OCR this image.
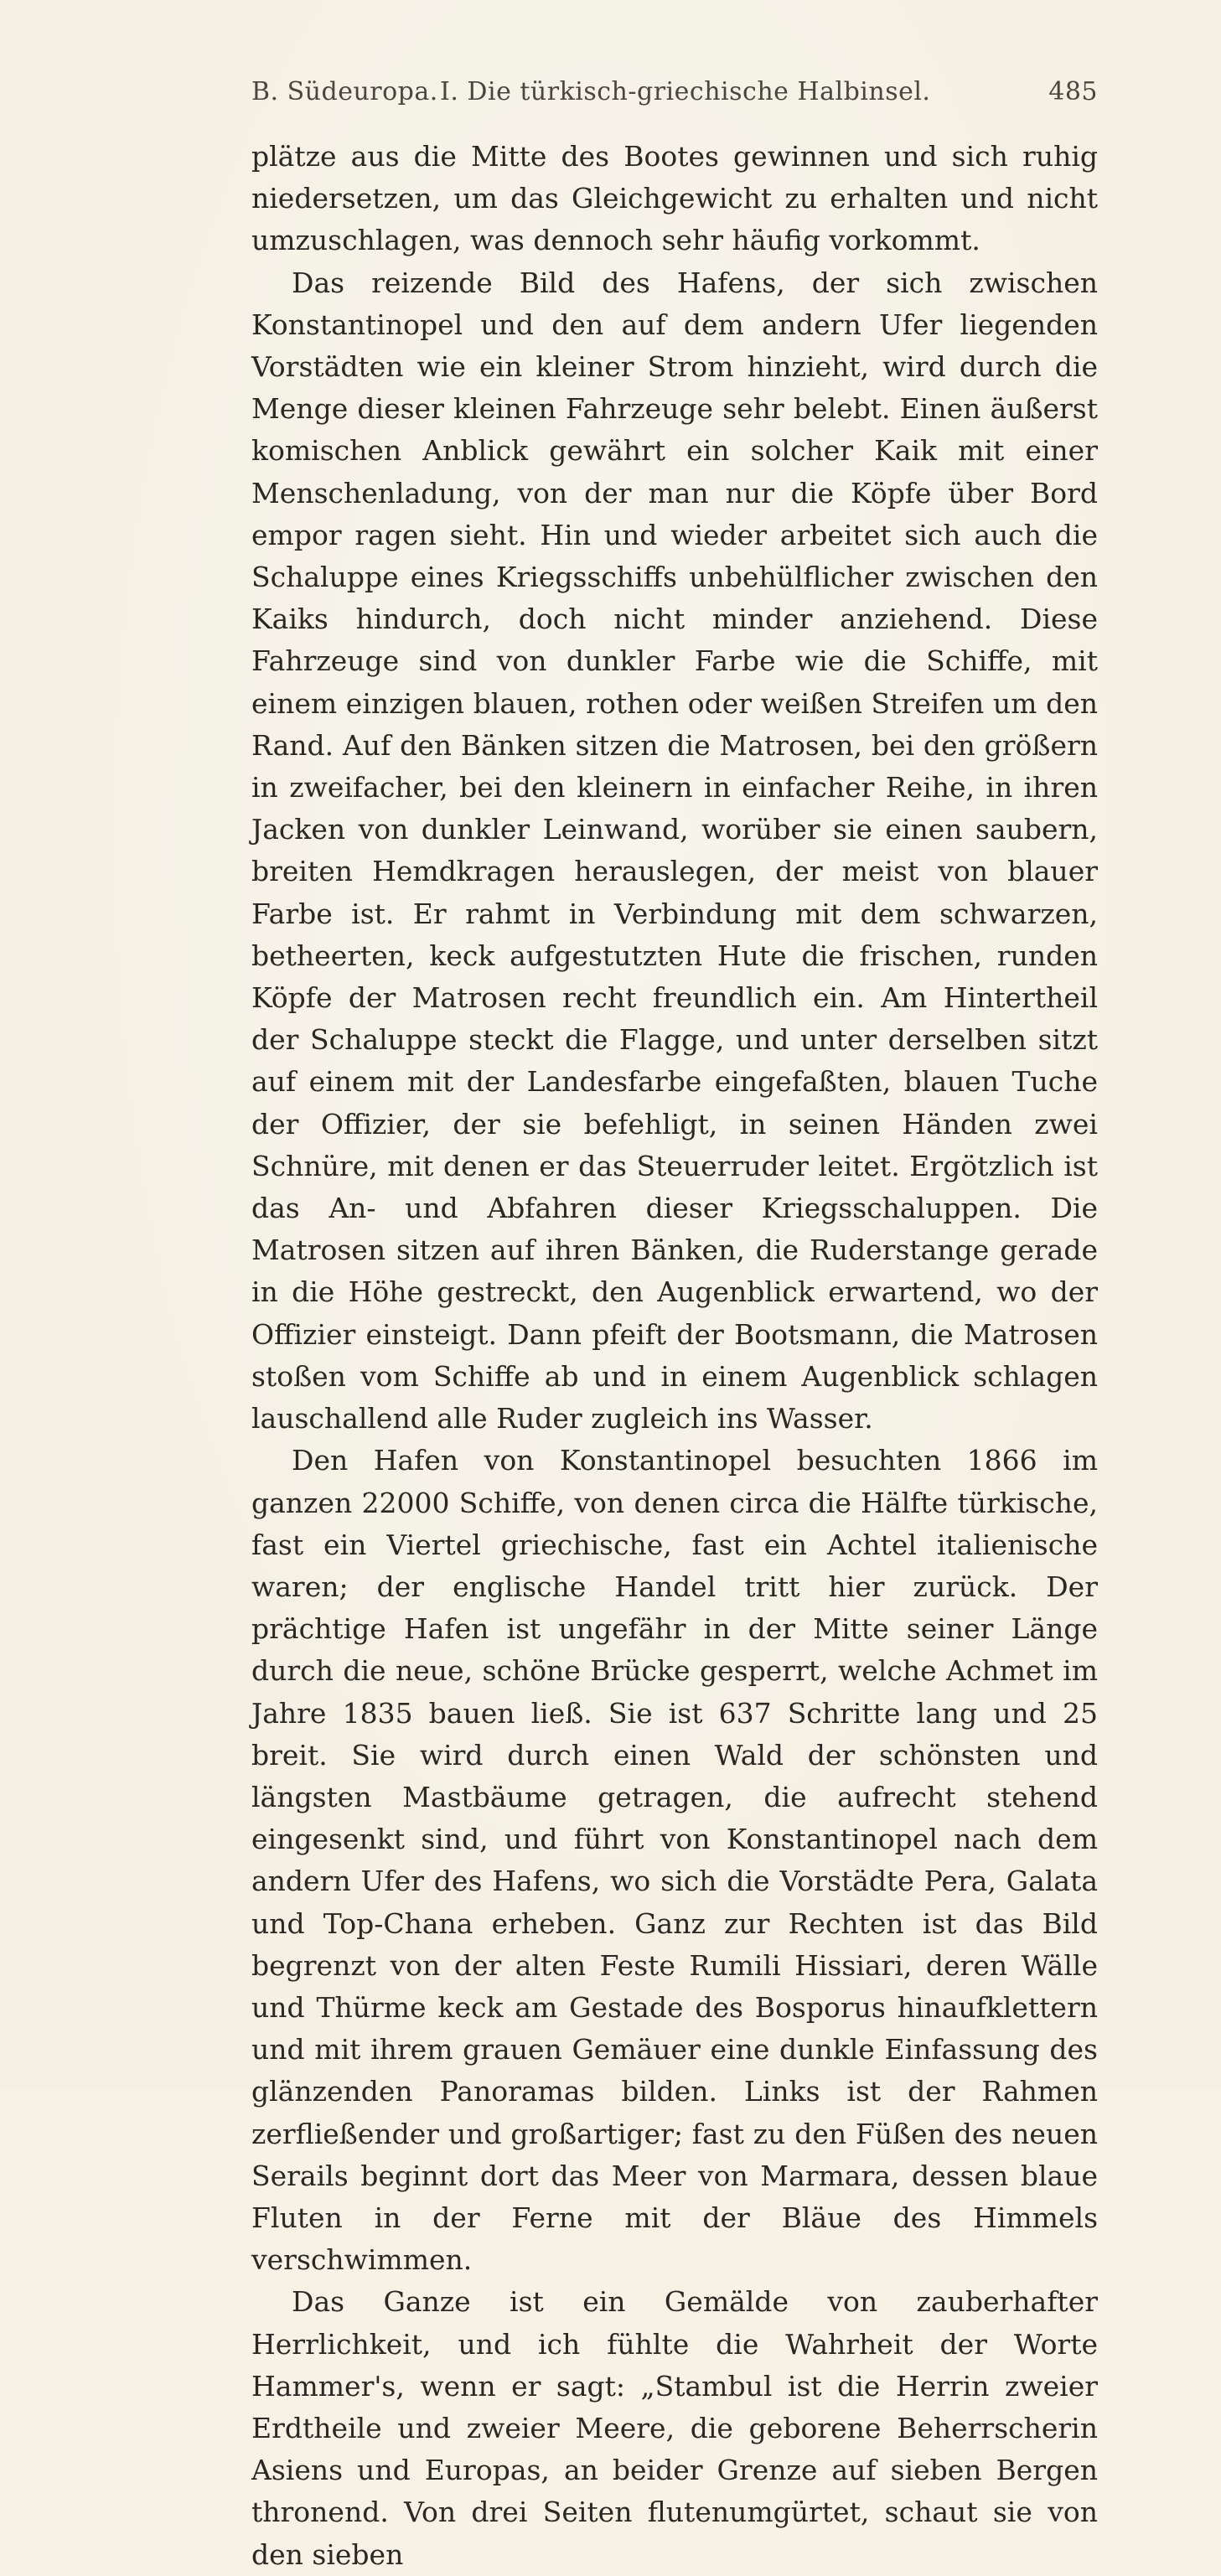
B. Südeuropa. I. Die türkisch-griechische Halbinsel.	485

plätze aus die Mitte des Bootes gewinnen und sich ruhig niedersetzen, um das Gleichgewicht zu erhalten und nicht umzuschlagen, was dennoch sehr häufig vorkommt.

Das reizende Bild des Hafens, der sich zwischen Konstantinopel und den auf dem andern Ufer liegenden Vorstädten wie ein kleiner Strom hinzieht, wird durch die Menge dieser kleinen Fahrzeuge sehr belebt. Einen äußerst komischen Anblick gewährt ein solcher Kaik mit einer Menschenladung, von der man nur die Köpfe über Bord empor ragen sieht. Hin und wieder arbeitet sich auch die Schaluppe eines Kriegsschiffs unbehülflicher zwischen den Kaiks hindurch, doch nicht minder anziehend. Diese Fahrzeuge sind von dunkler Farbe wie die Schiffe, mit einem einzigen blauen, rothen oder weißen Streifen um den Rand. Auf den Bänken sitzen die Matrosen, bei den größern in zweifacher, bei den kleinern in einfacher Reihe, in ihren Jacken von dunkler Leinwand, worüber sie einen saubern, breiten Hemdkragen herauslegen, der meist von blauer Farbe ist. Er rahmt in Verbindung mit dem schwarzen, betheerten, keck aufgestutzten Hute die frischen, runden Köpfe der Matrosen recht freundlich ein. Am Hintertheil der Schaluppe steckt die Flagge, und unter derselben sitzt auf einem mit der Landesfarbe eingefaßten, blauen Tuche der Offizier, der sie befehligt, in seinen Händen zwei Schnüre, mit denen er das Steuerruder leitet. Ergötzlich ist das An- und Abfahren dieser Kriegsschaluppen. Die Matrosen sitzen auf ihren Bänken, die Ruderstange gerade in die Höhe gestreckt, den Augenblick erwartend, wo der Offizier einsteigt. Dann pfeift der Bootsmann, die Matrosen stoßen vom Schiffe ab und in einem Augenblick schlagen lauschallend alle Ruder zugleich ins Wasser.

Den Hafen von Konstantinopel besuchten 1866 im ganzen 22000 Schiffe, von denen circa die Hälfte türkische, fast ein Viertel griechische, fast ein Achtel italienische waren; der englische Handel tritt hier zurück. Der prächtige Hafen ist ungefähr in der Mitte seiner Länge durch die neue, schöne Brücke gesperrt, welche Achmet im Jahre 1835 bauen ließ. Sie ist 637 Schritte lang und 25 breit. Sie wird durch einen Wald der schönsten und längsten Mastbäume getragen, die aufrecht stehend eingesenkt sind, und führt von Konstantinopel nach dem andern Ufer des Hafens, wo sich die Vorstädte Pera, Galata und Top-Chana erheben. Ganz zur Rechten ist das Bild begrenzt von der alten Feste Rumili Hissiari, deren Wälle und Thürme keck am Gestade des Bosporus hinaufklettern und mit ihrem grauen Gemäuer eine dunkle Einfassung des glänzenden Panoramas bilden. Links ist der Rahmen zerfließender und großartiger; fast zu den Füßen des neuen Serails beginnt dort das Meer von Marmara, dessen blaue Fluten in der Ferne mit der Bläue des Himmels verschwimmen.

Das Ganze ist ein Gemälde von zauberhafter Herrlichkeit, und ich fühlte die Wahrheit der Worte Hammer's, wenn er sagt: „Stambul ist die Herrin zweier Erdtheile und zweier Meere, die geborene Beherrscherin Asiens und Europas, an beider Grenze auf sieben Bergen thronend. Von drei Seiten flutenumgürtet, schaut sie von den sieben
